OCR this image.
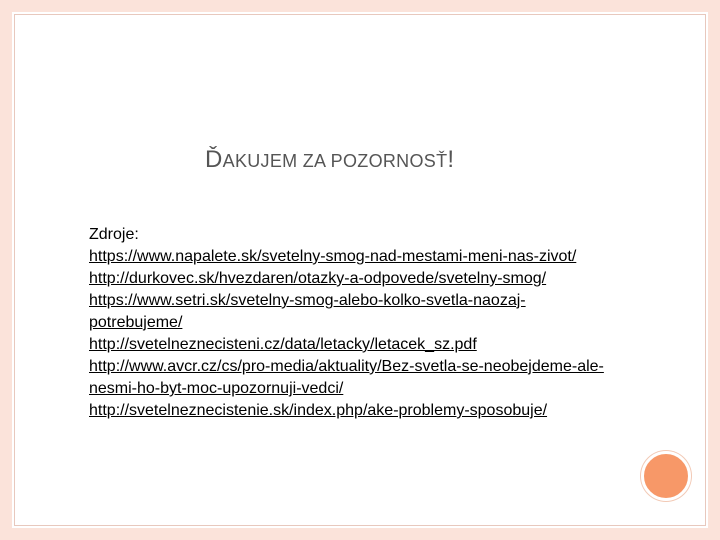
ĎAKUJEM ZA POZORNOSŤ!
Zdroje:
https://www.napalete.sk/svetelny-smog-nad-mestami-meni-nas-zivot/
http://durkovec.sk/hvezdaren/otazky-a-odpovede/svetelny-smog/
https://www.setri.sk/svetelny-smog-alebo-kolko-svetla-naozaj-
potrebujeme/
http://svetelneznecisteni.cz/data/letacky/letacek_sz.pdf
http://www.avcr.cz/cs/pro-media/aktuality/Bez-svetla-se-neobejdeme-ale-
nesmi-ho-byt-moc-upozornuji-vedci/
http://svetelneznecistenie.sk/index.php/ake-problemy-sposobuje/
